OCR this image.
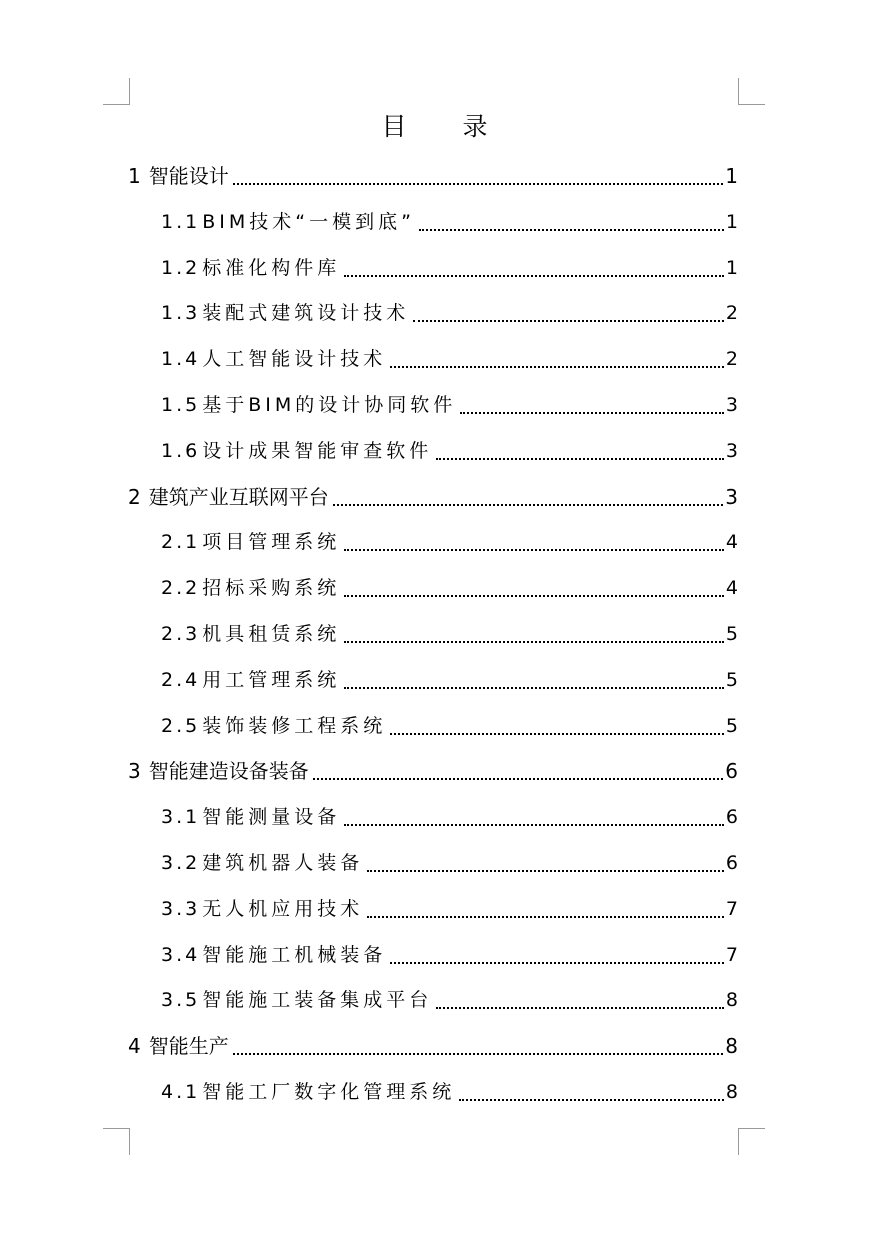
目 录
1 智能设计	1
1.1 BIM技术“一模到底”	1
1.2 标准化构件库	1
1.3 装配式建筑设计技术	2
1.4 人工智能设计技术	2
1.5 基于BIM的设计协同软件	3
1.6 设计成果智能审查软件	3
2 建筑产业互联网平台	3
2.1 项目管理系统	4
2.2 招标采购系统	4
2.3 机具租赁系统	5
2.4 用工管理系统	5
2.5 装饰装修工程系统	5
3 智能建造设备装备	6
3.1 智能测量设备	6
3.2 建筑机器人装备	6
3.3 无人机应用技术	7
3.4 智能施工机械装备	7
3.5 智能施工装备集成平台	8
4 智能生产	8
4.1 智能工厂数字化管理系统	8
